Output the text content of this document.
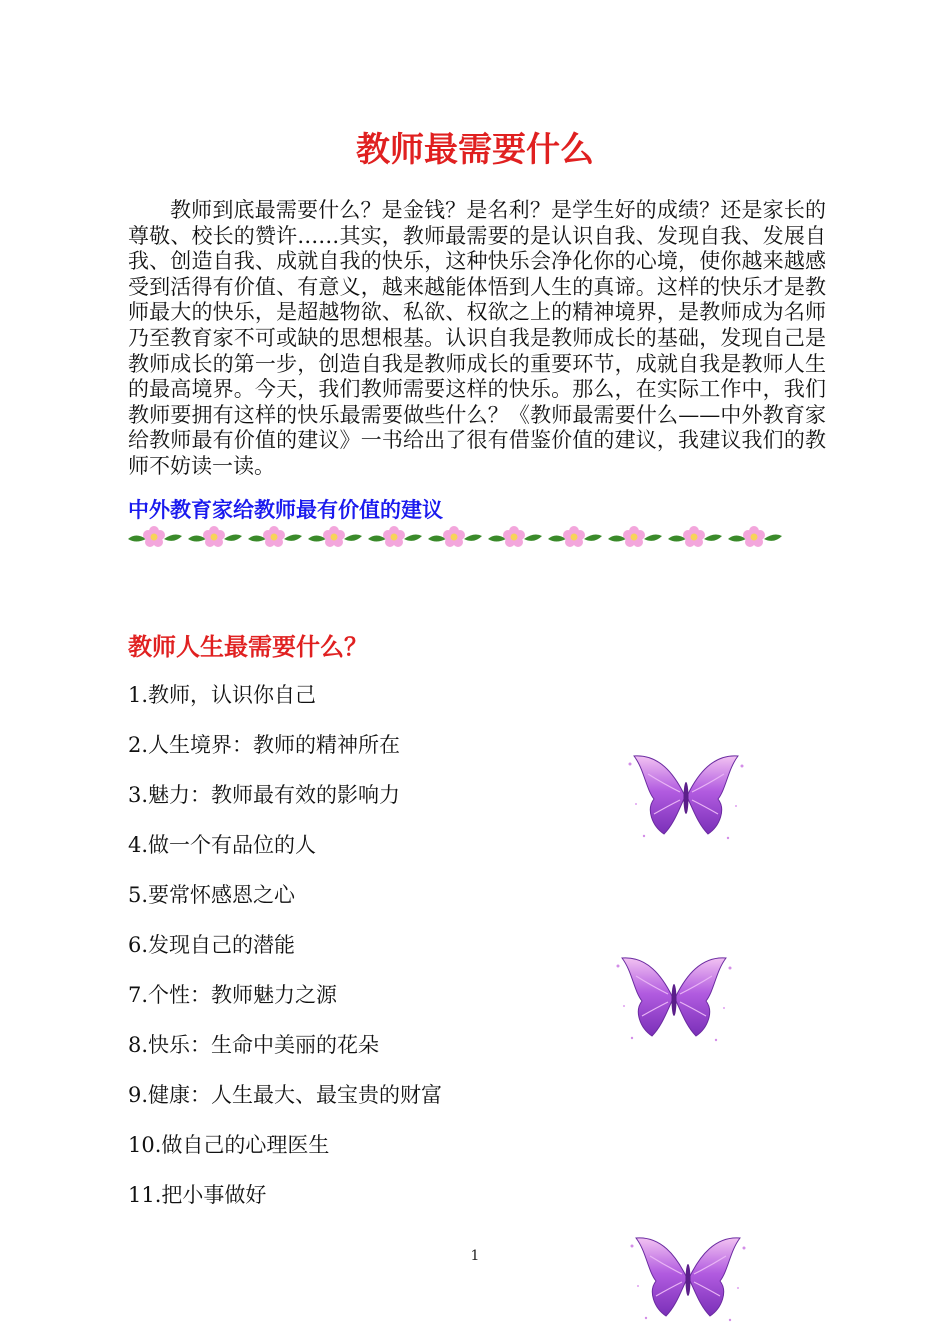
教师最需要什么

教师到底最需要什么？是金钱？是名利？是学生好的成绩？还是家长的尊敬、校长的赞许……其实，教师最需要的是认识自我、发现自我、发展自我、创造自我、成就自我的快乐，这种快乐会净化你的心境，使你越来越感受到活得有价值、有意义，越来越能体悟到人生的真谛。这样的快乐才是教师最大的快乐，是超越物欲、私欲、权欲之上的精神境界，是教师成为名师乃至教育家不可或缺的思想根基。认识自我是教师成长的基础，发现自己是教师成长的第一步，创造自我是教师成长的重要环节，成就自我是教师人生的最高境界。今天，我们教师需要这样的快乐。那么，在实际工作中，我们教师要拥有这样的快乐最需要做些什么？《教师最需要什么——中外教育家给教师最有价值的建议》一书给出了很有借鉴价值的建议，我建议我们的教师不妨读一读。

中外教育家给教师最有价值的建议
教师人生最需要什么？
1.教师，认识你自己
2.人生境界：教师的精神所在
3.魅力：教师最有效的影响力
4.做一个有品位的人
5.要常怀感恩之心
6.发现自己的潜能
7.个性：教师魅力之源
8.快乐：生命中美丽的花朵
9.健康：人生最大、最宝贵的财富
10.做自己的心理医生
11.把小事做好
1
